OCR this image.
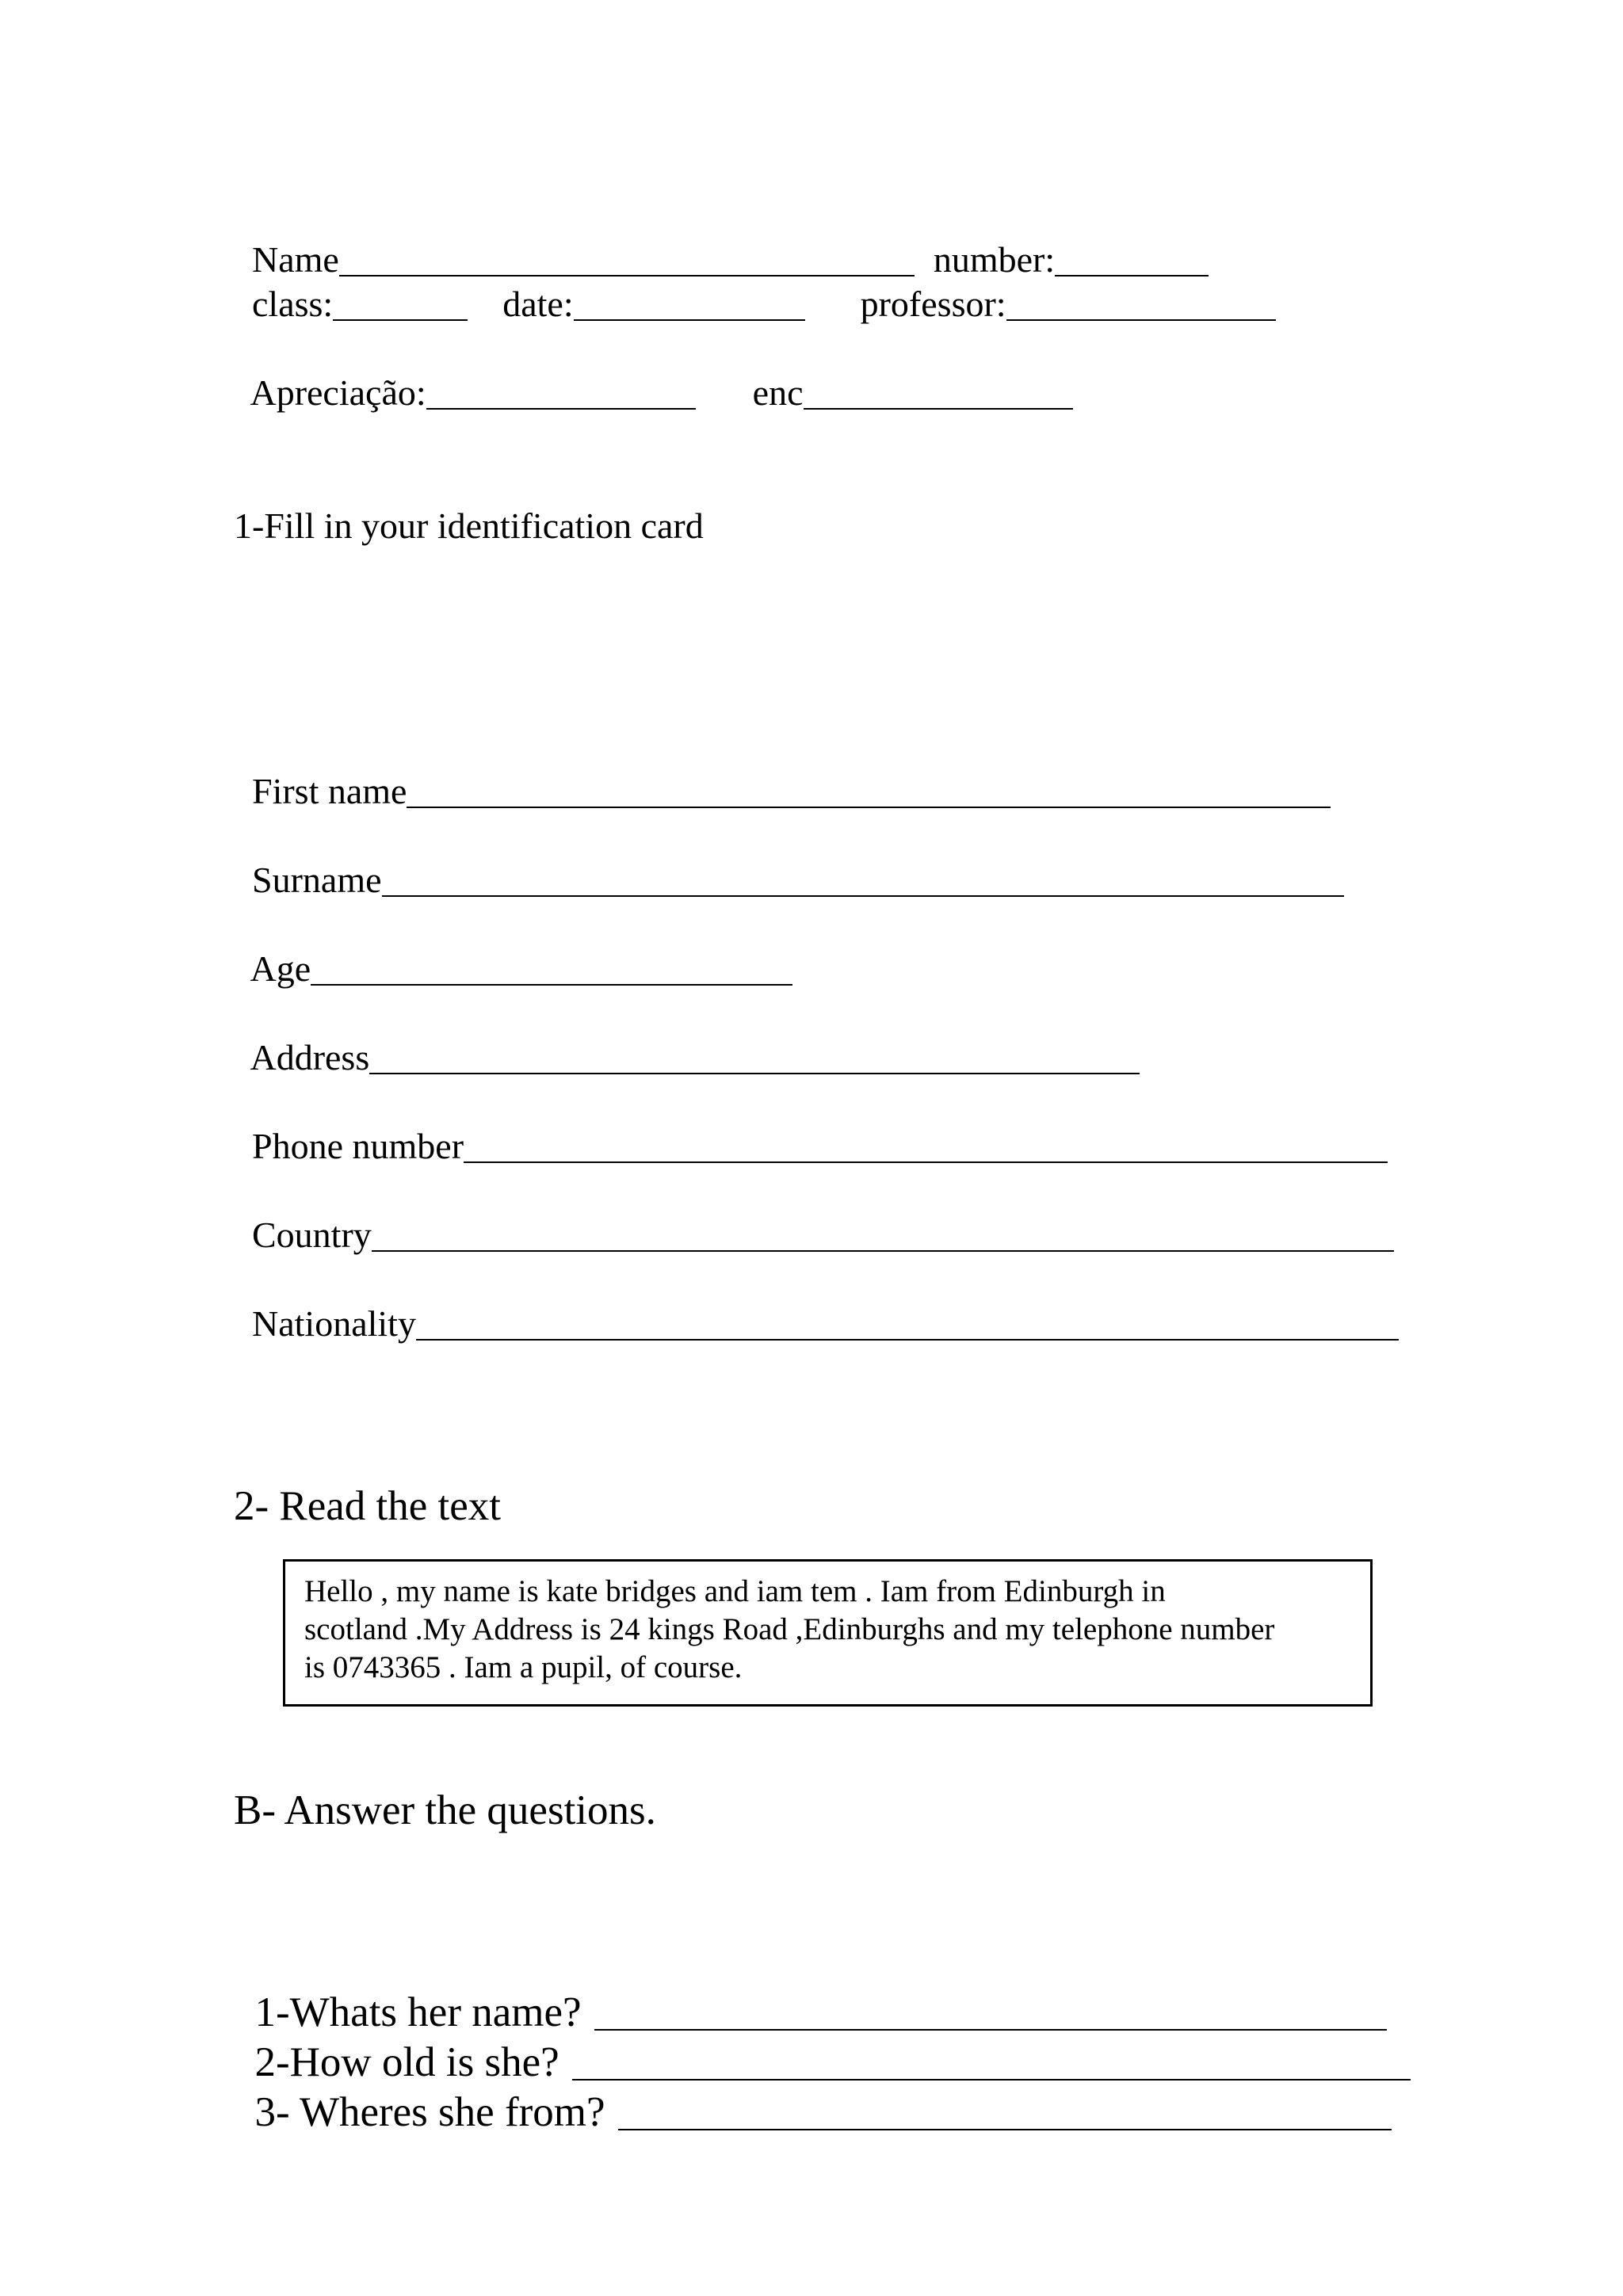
Name	number:

class:	date:	professor:

Apreciação:	enc

1-Fill in your identification card

First name

Surname

Age

Address

Phone number

Country

Nationality

2- Read the text

Hello , my name is kate bridges and iam tem . Iam from Edinburgh in

scotland .My Address is 24 kings Road ,Edinburghs and my telephone number

is 0743365 . Iam a pupil, of course.

B- Answer the questions.

1-Whats her name?

2-How old is she?

3- Wheres she from?
